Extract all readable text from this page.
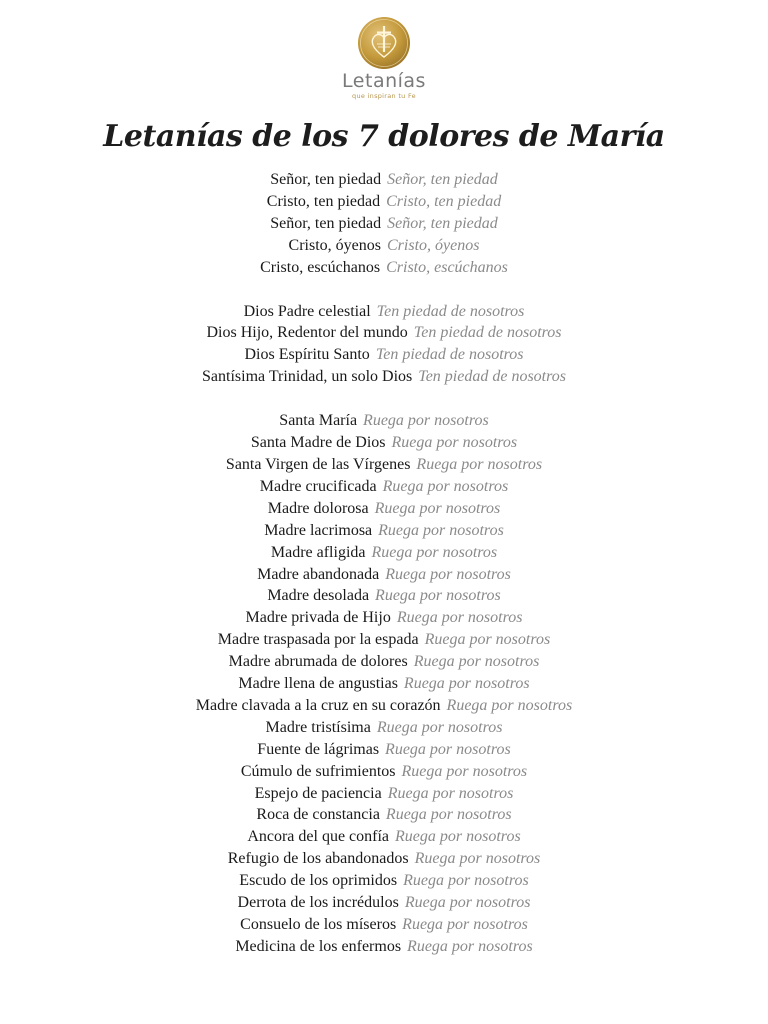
Letanías
que inspiran tu Fe
Letanías de los 7 dolores de María
Señor, ten piedad Señor, ten piedad
Cristo, ten piedad Cristo, ten piedad
Señor, ten piedad Señor, ten piedad
Cristo, óyenos Cristo, óyenos
Cristo, escúchanos Cristo, escúchanos
Dios Padre celestial Ten piedad de nosotros
Dios Hijo, Redentor del mundo Ten piedad de nosotros
Dios Espíritu Santo Ten piedad de nosotros
Santísima Trinidad, un solo Dios Ten piedad de nosotros
Santa María Ruega por nosotros
Santa Madre de Dios Ruega por nosotros
Santa Virgen de las Vírgenes Ruega por nosotros
Madre crucificada Ruega por nosotros
Madre dolorosa Ruega por nosotros
Madre lacrimosa Ruega por nosotros
Madre afligida Ruega por nosotros
Madre abandonada Ruega por nosotros
Madre desolada Ruega por nosotros
Madre privada de Hijo Ruega por nosotros
Madre traspasada por la espada Ruega por nosotros
Madre abrumada de dolores Ruega por nosotros
Madre llena de angustias Ruega por nosotros
Madre clavada a la cruz en su corazón Ruega por nosotros
Madre tristísima Ruega por nosotros
Fuente de lágrimas Ruega por nosotros
Cúmulo de sufrimientos Ruega por nosotros
Espejo de paciencia Ruega por nosotros
Roca de constancia Ruega por nosotros
Ancora del que confía Ruega por nosotros
Refugio de los abandonados Ruega por nosotros
Escudo de los oprimidos Ruega por nosotros
Derrota de los incrédulos Ruega por nosotros
Consuelo de los míseros Ruega por nosotros
Medicina de los enfermos Ruega por nosotros
